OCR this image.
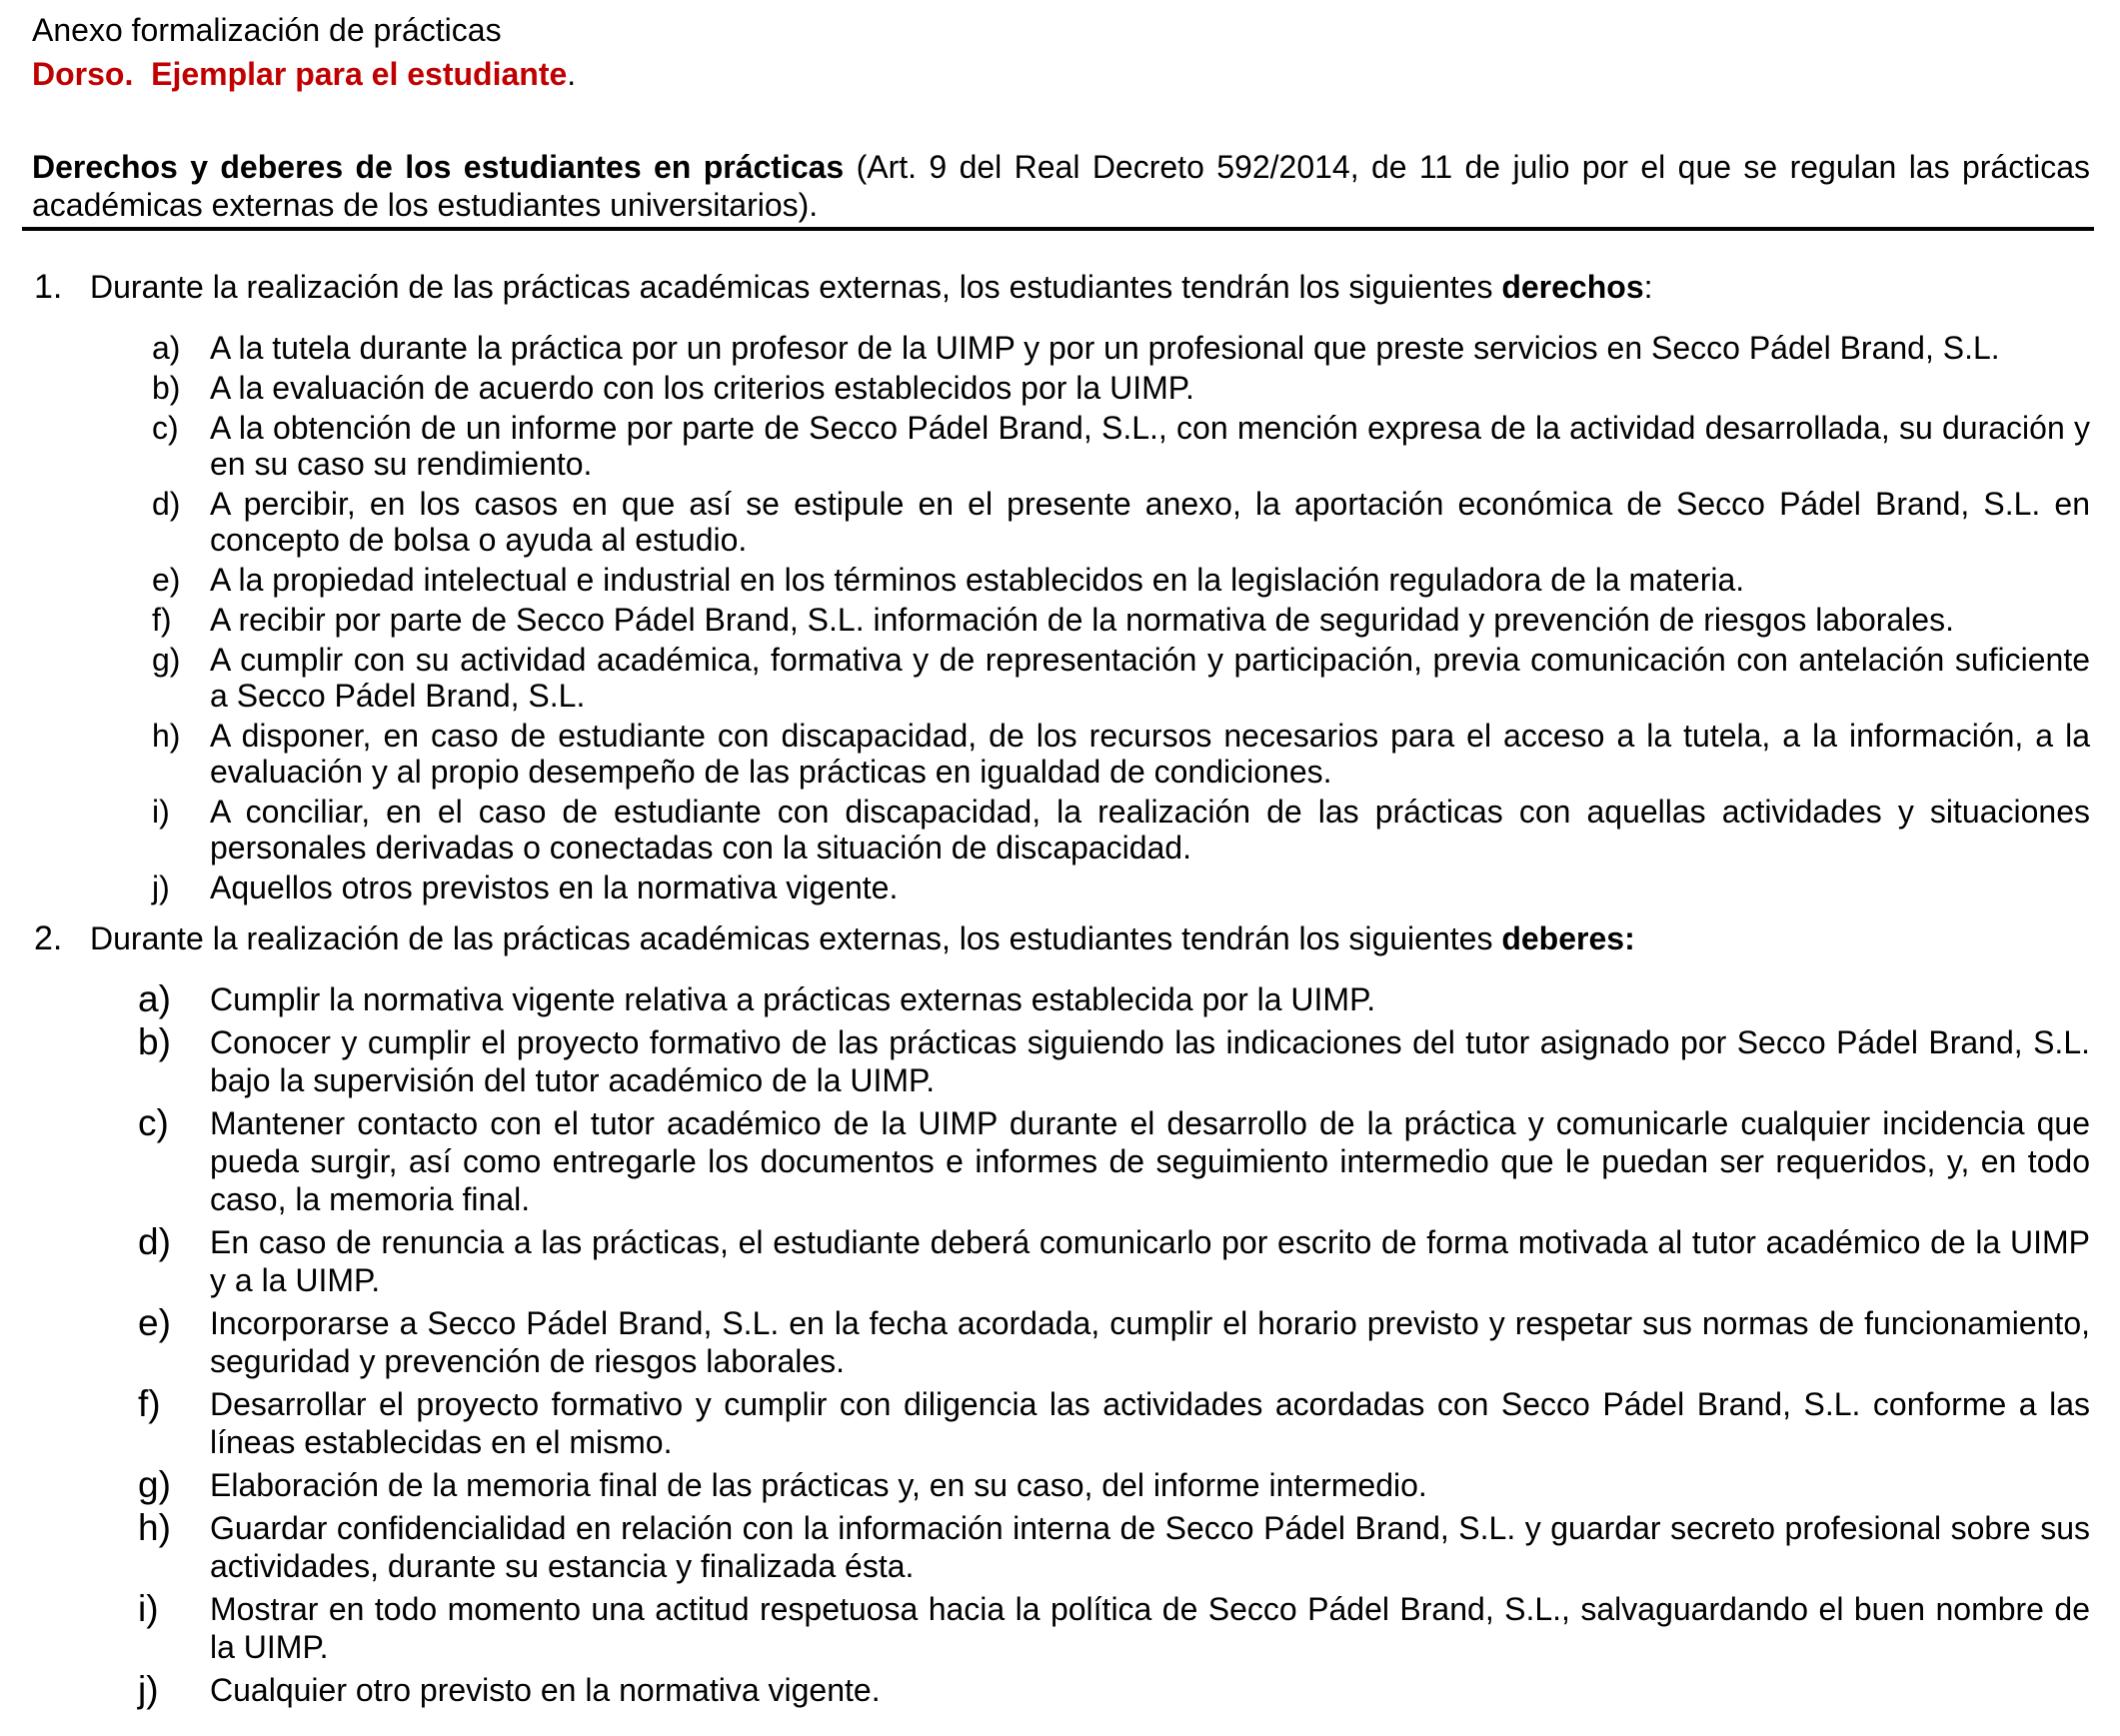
Anexo formalización de prácticas
Dorso.  Ejemplar para el estudiante.
Derechos y deberes de los estudiantes en prácticas (Art. 9 del Real Decreto 592/2014, de 11 de julio por el que se regulan las prácticas académicas externas de los estudiantes universitarios).
1. Durante la realización de las prácticas académicas externas, los estudiantes tendrán los siguientes derechos:
a) A la tutela durante la práctica por un profesor de la UIMP y por un profesional que preste servicios en Secco Pádel Brand, S.L.
b) A la evaluación de acuerdo con los criterios establecidos por la UIMP.
c) A la obtención de un informe por parte de Secco Pádel Brand, S.L., con mención expresa de la actividad desarrollada, su duración y en su caso su rendimiento.
d) A percibir, en los casos en que así se estipule en el presente anexo, la aportación económica de Secco Pádel Brand, S.L. en concepto de bolsa o ayuda al estudio.
e) A la propiedad intelectual e industrial en los términos establecidos en la legislación reguladora de la materia.
f) A recibir por parte de Secco Pádel Brand, S.L. información de la normativa de seguridad y prevención de riesgos laborales.
g) A cumplir con su actividad académica, formativa y de representación y participación, previa comunicación con antelación suficiente a Secco Pádel Brand, S.L.
h) A disponer, en caso de estudiante con discapacidad, de los recursos necesarios para el acceso a la tutela, a la información, a la evaluación y al propio desempeño de las prácticas en igualdad de condiciones.
i) A conciliar, en el caso de estudiante con discapacidad, la realización de las prácticas con aquellas actividades y situaciones personales derivadas o conectadas con la situación de discapacidad.
j) Aquellos otros previstos en la normativa vigente.
2. Durante la realización de las prácticas académicas externas, los estudiantes tendrán los siguientes deberes:
a) Cumplir la normativa vigente relativa a prácticas externas establecida por la UIMP.
b) Conocer y cumplir el proyecto formativo de las prácticas siguiendo las indicaciones del tutor asignado por Secco Pádel Brand, S.L. bajo la supervisión del tutor académico de la UIMP.
c) Mantener contacto con el tutor académico de la UIMP durante el desarrollo de la práctica y comunicarle cualquier incidencia que pueda surgir, así como entregarle los documentos e informes de seguimiento intermedio que le puedan ser requeridos, y, en todo caso, la memoria final.
d) En caso de renuncia a las prácticas, el estudiante deberá comunicarlo por escrito de forma motivada al tutor académico de la UIMP y a la UIMP.
e) Incorporarse a Secco Pádel Brand, S.L. en la fecha acordada, cumplir el horario previsto y respetar sus normas de funcionamiento, seguridad y prevención de riesgos laborales.
f) Desarrollar el proyecto formativo y cumplir con diligencia las actividades acordadas con Secco Pádel Brand, S.L. conforme a las líneas establecidas en el mismo.
g) Elaboración de la memoria final de las prácticas y, en su caso, del informe intermedio.
h) Guardar confidencialidad en relación con la información interna de Secco Pádel Brand, S.L. y guardar secreto profesional sobre sus actividades, durante su estancia y finalizada ésta.
i) Mostrar en todo momento una actitud respetuosa hacia la política de Secco Pádel Brand, S.L., salvaguardando el buen nombre de la UIMP.
j) Cualquier otro previsto en la normativa vigente.
